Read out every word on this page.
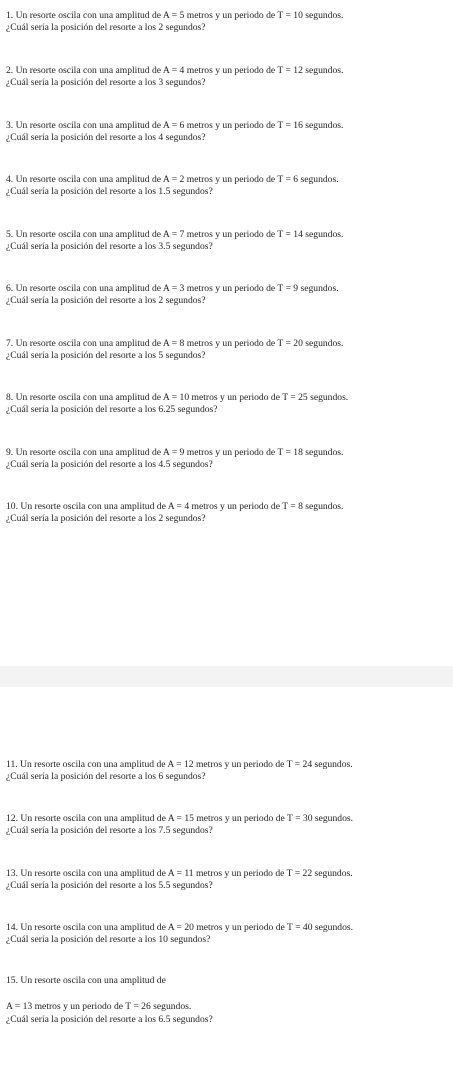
1. Un resorte oscila con una amplitud de A = 5 metros y un periodo de T = 10 segundos.
¿Cuál sería la posición del resorte a los 2 segundos?
2. Un resorte oscila con una amplitud de A = 4 metros y un periodo de T = 12 segundos.
¿Cuál sería la posición del resorte a los 3 segundos?
3. Un resorte oscila con una amplitud de A = 6 metros y un periodo de T = 16 segundos.
¿Cuál sería la posición del resorte a los 4 segundos?
4. Un resorte oscila con una amplitud de A = 2 metros y un periodo de T = 6 segundos.
¿Cuál sería la posición del resorte a los 1.5 segundos?
5. Un resorte oscila con una amplitud de A = 7 metros y un periodo de T = 14 segundos.
¿Cuál sería la posición del resorte a los 3.5 segundos?
6. Un resorte oscila con una amplitud de A = 3 metros y un periodo de T = 9 segundos.
¿Cuál sería la posición del resorte a los 2 segundos?
7. Un resorte oscila con una amplitud de A = 8 metros y un periodo de T = 20 segundos.
¿Cuál sería la posición del resorte a los 5 segundos?
8. Un resorte oscila con una amplitud de A = 10 metros y un periodo de T = 25 segundos.
¿Cuál sería la posición del resorte a los 6.25 segundos?
9. Un resorte oscila con una amplitud de A = 9 metros y un periodo de T = 18 segundos.
¿Cuál sería la posición del resorte a los 4.5 segundos?
10. Un resorte oscila con una amplitud de A = 4 metros y un periodo de T = 8 segundos.
¿Cuál sería la posición del resorte a los 2 segundos?
11. Un resorte oscila con una amplitud de A = 12 metros y un periodo de T = 24 segundos.
¿Cuál sería la posición del resorte a los 6 segundos?
12. Un resorte oscila con una amplitud de A = 15 metros y un periodo de T = 30 segundos.
¿Cuál sería la posición del resorte a los 7.5 segundos?
13. Un resorte oscila con una amplitud de A = 11 metros y un periodo de T = 22 segundos.
¿Cuál sería la posición del resorte a los 5.5 segundos?
14. Un resorte oscila con una amplitud de A = 20 metros y un periodo de T = 40 segundos.
¿Cuál sería la posición del resorte a los 10 segundos?
15. Un resorte oscila con una amplitud de
A = 13 metros y un periodo de T = 26 segundos.
¿Cuál sería la posición del resorte a los 6.5 segundos?
